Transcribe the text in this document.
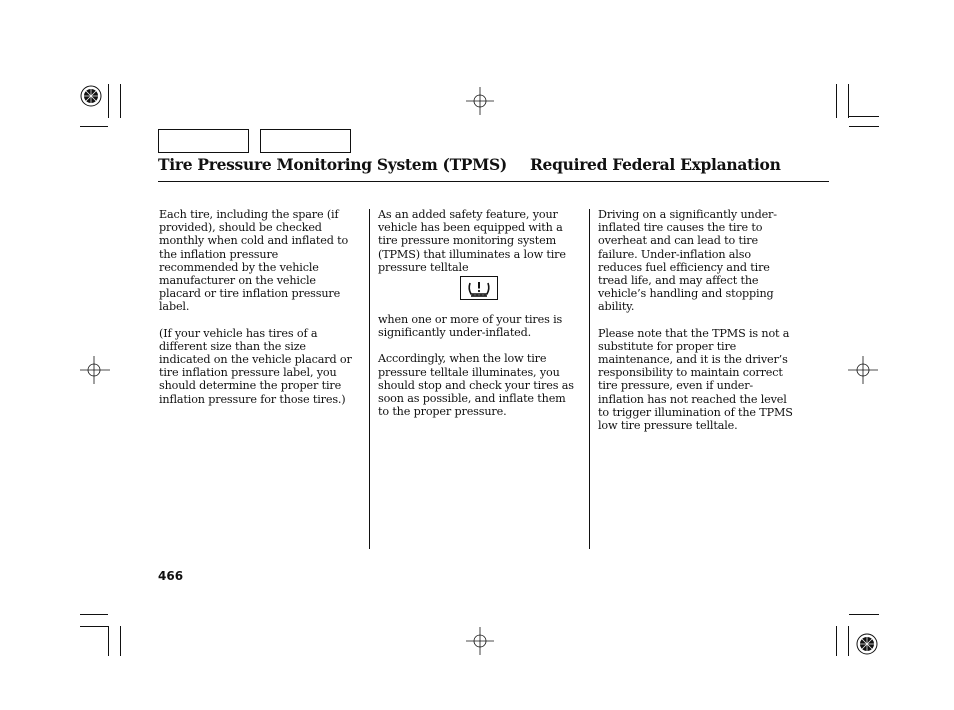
Tire Pressure Monitoring System (TPMS) Required Federal Explanation

Each tire, including the spare (if provided), should be checked monthly when cold and inflated to the inflation pressure recommended by the vehicle manufacturer on the vehicle placard or tire inflation pressure label.

(If your vehicle has tires of a different size than the size indicated on the vehicle placard or tire inflation pressure label, you should determine the proper tire inflation pressure for those tires.)

As an added safety feature, your vehicle has been equipped with a tire pressure monitoring system (TPMS) that illuminates a low tire pressure telltale

when one or more of your tires is significantly under-inflated.

Accordingly, when the low tire pressure telltale illuminates, you should stop and check your tires as soon as possible, and inflate them to the proper pressure.

Driving on a significantly under-inflated tire causes the tire to overheat and can lead to tire failure. Under-inflation also reduces fuel efficiency and tire tread life, and may affect the vehicle’s handling and stopping ability.

Please note that the TPMS is not a substitute for proper tire maintenance, and it is the driver’s responsibility to maintain correct tire pressure, even if under-inflation has not reached the level to trigger illumination of the TPMS low tire pressure telltale.

466
